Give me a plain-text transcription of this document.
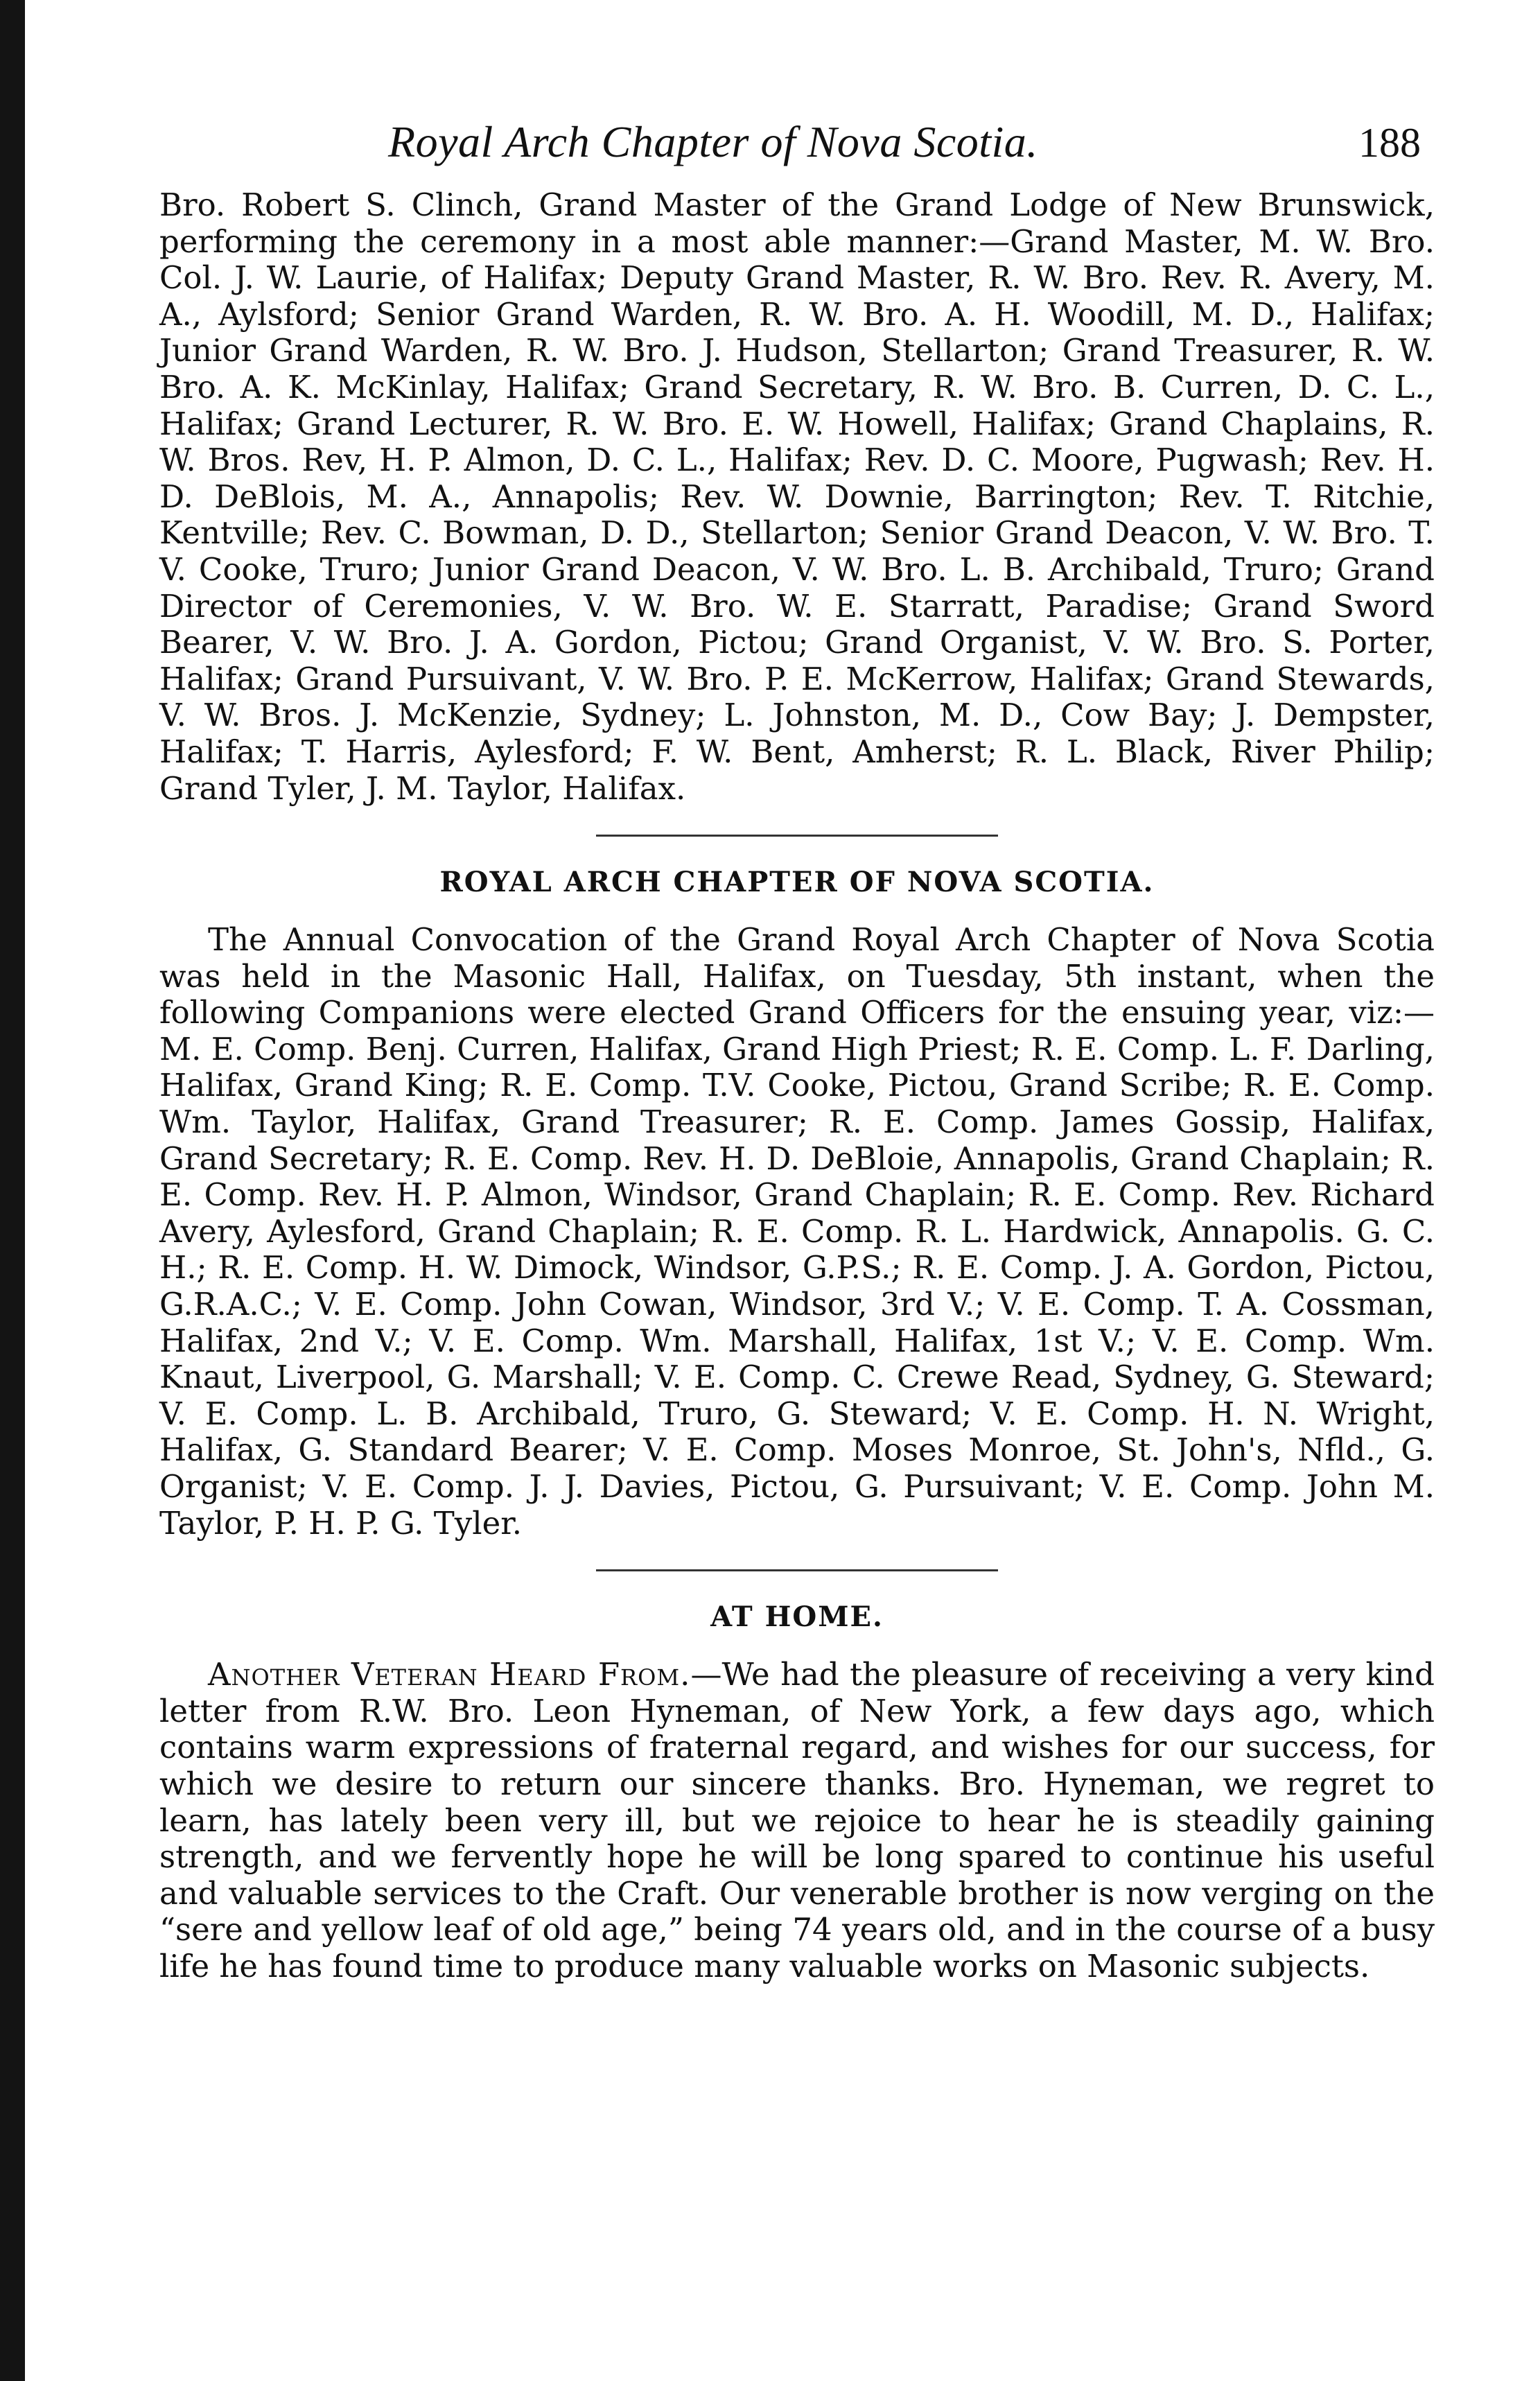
Royal Arch Chapter of Nova Scotia.	188

Bro. Robert S. Clinch, Grand Master of the Grand Lodge of New Brunswick, performing the ceremony in a most able manner:—Grand Master, M. W. Bro. Col. J. W. Laurie, of Halifax; Deputy Grand Master, R. W. Bro. Rev. R. Avery, M. A., Aylsford; Senior Grand Warden, R. W. Bro. A. H. Woodill, M. D., Halifax; Junior Grand Warden, R. W. Bro. J. Hudson, Stellarton; Grand Treasurer, R. W. Bro. A. K. McKinlay, Halifax; Grand Secretary, R. W. Bro. B. Curren, D. C. L., Halifax; Grand Lecturer, R. W. Bro. E. W. Howell, Halifax; Grand Chaplains, R. W. Bros. Rev, H. P. Almon, D. C. L., Halifax; Rev. D. C. Moore, Pugwash; Rev. H. D. DeBlois, M. A., Annapolis; Rev. W. Downie, Barrington; Rev. T. Ritchie, Kentville; Rev. C. Bowman, D. D., Stellarton; Senior Grand Deacon, V. W. Bro. T. V. Cooke, Truro; Junior Grand Deacon, V. W. Bro. L. B. Archibald, Truro; Grand Director of Ceremonies, V. W. Bro. W. E. Starratt, Paradise; Grand Sword Bearer, V. W. Bro. J. A. Gordon, Pictou; Grand Organist, V. W. Bro. S. Porter, Halifax; Grand Pursuivant, V. W. Bro. P. E. McKerrow, Halifax; Grand Stewards, V. W. Bros. J. McKenzie, Sydney; L. Johnston, M. D., Cow Bay; J. Dempster, Halifax; T. Harris, Aylesford; F. W. Bent, Amherst; R. L. Black, River Philip; Grand Tyler, J. M. Taylor, Halifax.

ROYAL ARCH CHAPTER OF NOVA SCOTIA.

The Annual Convocation of the Grand Royal Arch Chapter of Nova Scotia was held in the Masonic Hall, Halifax, on Tuesday, 5th instant, when the following Companions were elected Grand Officers for the ensuing year, viz:—M. E. Comp. Benj. Curren, Halifax, Grand High Priest; R. E. Comp. L. F. Darling, Halifax, Grand King; R. E. Comp. T.V. Cooke, Pictou, Grand Scribe; R. E. Comp. Wm. Taylor, Halifax, Grand Treasurer; R. E. Comp. James Gossip, Halifax, Grand Secretary; R. E. Comp. Rev. H. D. DeBloie, Annapolis, Grand Chaplain; R. E. Comp. Rev. H. P. Almon, Windsor, Grand Chaplain; R. E. Comp. Rev. Richard Avery, Aylesford, Grand Chaplain; R. E. Comp. R. L. Hardwick, Annapolis. G. C. H.; R. E. Comp. H. W. Dimock, Windsor, G.P.S.; R. E. Comp. J. A. Gordon, Pictou, G.R.A.C.; V. E. Comp. John Cowan, Windsor, 3rd V.; V. E. Comp. T. A. Cossman, Halifax, 2nd V.; V. E. Comp. Wm. Marshall, Halifax, 1st V.; V. E. Comp. Wm. Knaut, Liverpool, G. Marshall; V. E. Comp. C. Crewe Read, Sydney, G. Steward; V. E. Comp. L. B. Archibald, Truro, G. Steward; V. E. Comp. H. N. Wright, Halifax, G. Standard Bearer; V. E. Comp. Moses Monroe, St. John's, Nfld., G. Organist; V. E. Comp. J. J. Davies, Pictou, G. Pursuivant; V. E. Comp. John M. Taylor, P. H. P. G. Tyler.

AT HOME.

Another Veteran Heard From.—We had the pleasure of receiving a very kind letter from R.W. Bro. Leon Hyneman, of New York, a few days ago, which contains warm expressions of fraternal regard, and wishes for our success, for which we desire to return our sincere thanks. Bro. Hyneman, we regret to learn, has lately been very ill, but we rejoice to hear he is steadily gaining strength, and we fervently hope he will be long spared to continue his useful and valuable services to the Craft. Our venerable brother is now verging on the “sere and yellow leaf of old age,” being 74 years old, and in the course of a busy life he has found time to produce many valuable works on Masonic subjects.
